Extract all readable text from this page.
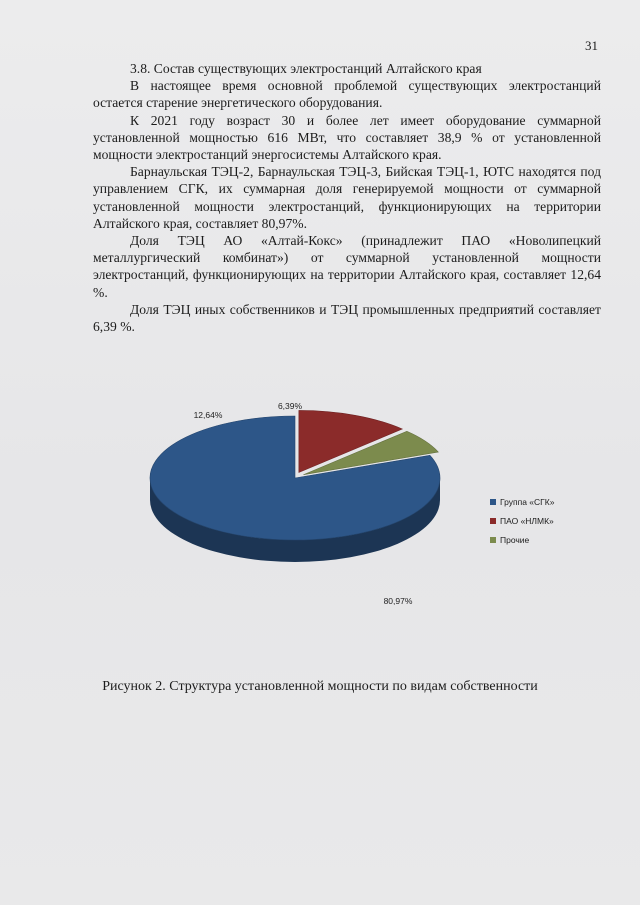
31

3.8. Состав существующих электростанций Алтайского края

В настоящее время основной проблемой существующих электростанций остается старение энергетического оборудования.

К 2021 году возраст 30 и более лет имеет оборудование суммарной установленной мощностью 616 МВт, что составляет 38,9 % от установленной мощности электростанций энергосистемы Алтайского края.

Барнаульская ТЭЦ-2, Барнаульская ТЭЦ-3, Бийская ТЭЦ-1, ЮТС находятся под управлением СГК, их суммарная доля генерируемой мощности от суммарной установленной мощности электростанций, функционирующих на территории Алтайского края, составляет 80,97%.

Доля ТЭЦ АО «Алтай-Кокс» (принадлежит ПАО «Новолипецкий металлургический комбинат») от суммарной установленной мощности электростанций, функционирующих на территории Алтайского края, составляет 12,64 %.

Доля ТЭЦ иных собственников и ТЭЦ промышленных предприятий составляет 6,39 %.

80,97%
12,64%
6,39%
Группа «СГК»
ПАО «НЛМК»
Прочие
Рисунок 2. Структура установленной мощности по видам собственности
